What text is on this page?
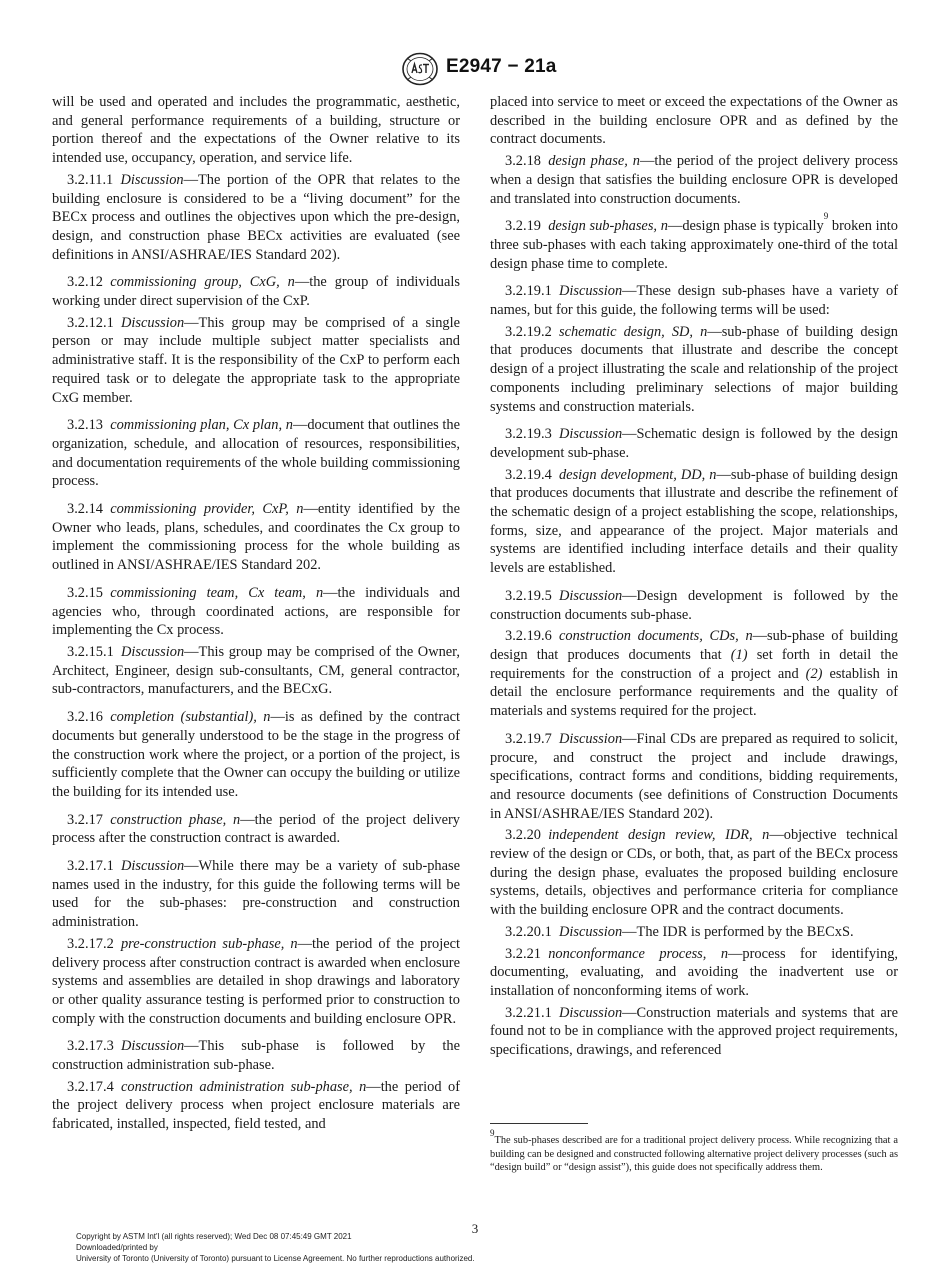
E2947 − 21a

will be used and operated and includes the programmatic, aesthetic, and general performance requirements of a building, structure or portion thereof and the expectations of the Owner relative to its intended use, occupancy, operation, and service life.

3.2.11.1  Discussion—The portion of the OPR that relates to the building enclosure is considered to be a “living document” for the BECx process and outlines the objectives upon which the pre-design, design, and construction phase BECx activities are evaluated (see definitions in ANSI/ASHRAE/IES Standard 202).

3.2.12  commissioning group, CxG, n—the group of individuals working under direct supervision of the CxP.

3.2.12.1  Discussion—This group may be comprised of a single person or may include multiple subject matter specialists and administrative staff. It is the responsibility of the CxP to perform each required task or to delegate the appropriate task to the appropriate CxG member.

3.2.13  commissioning plan, Cx plan, n—document that outlines the organization, schedule, and allocation of resources, responsibilities, and documentation requirements of the whole building commissioning process.

3.2.14  commissioning provider, CxP, n—entity identified by the Owner who leads, plans, schedules, and coordinates the Cx group to implement the commissioning process for the whole building as outlined in ANSI/ASHRAE/IES Standard 202.

3.2.15  commissioning team, Cx team, n—the individuals and agencies who, through coordinated actions, are responsible for implementing the Cx process.

3.2.15.1  Discussion—This group may be comprised of the Owner, Architect, Engineer, design sub-consultants, CM, general contractor, sub-contractors, manufacturers, and the BECxG.

3.2.16  completion (substantial), n—is as defined by the contract documents but generally understood to be the stage in the progress of the construction work where the project, or a portion of the project, is sufficiently complete that the Owner can occupy the building or utilize the building for its intended use.

3.2.17  construction phase, n—the period of the project delivery process after the construction contract is awarded.

3.2.17.1  Discussion—While there may be a variety of sub-phase names used in the industry, for this guide the following terms will be used for the sub-phases: pre-construction and construction administration.

3.2.17.2  pre-construction sub-phase, n—the period of the project delivery process after construction contract is awarded when enclosure systems and assemblies are detailed in shop drawings and laboratory or other quality assurance testing is performed prior to construction to comply with the construction documents and building enclosure OPR.

3.2.17.3  Discussion—This sub-phase is followed by the construction administration sub-phase.

3.2.17.4  construction administration sub-phase, n—the period of the project delivery process when project enclosure materials are fabricated, installed, inspected, field tested, and

placed into service to meet or exceed the expectations of the Owner as described in the building enclosure OPR and as defined by the contract documents.

3.2.18  design phase, n—the period of the project delivery process when a design that satisfies the building enclosure OPR is developed and translated into construction documents.

3.2.19  design sub-phases, n—design phase is typically$^9$ broken into three sub-phases with each taking approximately one-third of the total design phase time to complete.

3.2.19.1  Discussion—These design sub-phases have a variety of names, but for this guide, the following terms will be used:

3.2.19.2  schematic design, SD, n—sub-phase of building design that produces documents that illustrate and describe the concept design of a project illustrating the scale and relationship of the project components including preliminary selections of major building systems and construction materials.

3.2.19.3  Discussion—Schematic design is followed by the design development sub-phase.

3.2.19.4  design development, DD, n—sub-phase of building design that produces documents that illustrate and describe the refinement of the schematic design of a project establishing the scope, relationships, forms, size, and appearance of the project. Major materials and systems are identified including interface details and their quality levels are established.

3.2.19.5  Discussion—Design development is followed by the construction documents sub-phase.

3.2.19.6  construction documents, CDs, n—sub-phase of building design that produces documents that (1) set forth in detail the requirements for the construction of a project and (2) establish in detail the enclosure performance requirements and the quality of materials and systems required for the project.

3.2.19.7  Discussion—Final CDs are prepared as required to solicit, procure, and construct the project and include drawings, specifications, contract forms and conditions, bidding requirements, and resource documents (see definitions of Construction Documents in ANSI/ASHRAE/IES Standard 202).

3.2.20  independent design review, IDR, n—objective technical review of the design or CDs, or both, that, as part of the BECx process during the design phase, evaluates the proposed building enclosure systems, details, objectives and performance criteria for compliance with the building enclosure OPR and the contract documents.

3.2.20.1  Discussion—The IDR is performed by the BECxS.

3.2.21  nonconformance process, n—process for identifying, documenting, evaluating, and avoiding the inadvertent use or installation of nonconforming items of work.

3.2.21.1  Discussion—Construction materials and systems that are found not to be in compliance with the approved project requirements, specifications, drawings, and referenced

$^9$The sub-phases described are for a traditional project delivery process. While recognizing that a building can be designed and constructed following alternative project delivery processes (such as “design build” or “design assist”), this guide does not specifically address them.
3
Copyright by ASTM Int'l (all rights reserved); Wed Dec 08 07:45:49 GMT 2021
Downloaded/printed by
University of Toronto (University of Toronto) pursuant to License Agreement. No further reproductions authorized.
